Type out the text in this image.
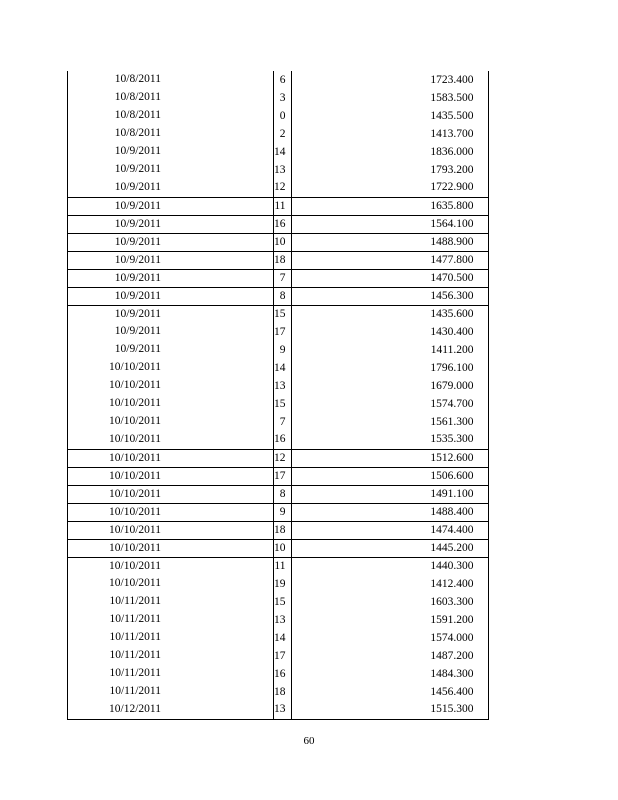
10/8/2011	6	1723.400

10/8/2011	3	1583.500

10/8/2011	0	1435.500

10/8/2011	2	1413.700

10/9/2011	14	1836.000

10/9/2011	13	1793.200

10/9/2011	12	1722.900

10/9/2011	11	1635.800

10/9/2011	16	1564.100

10/9/2011	10	1488.900

10/9/2011	18	1477.800

10/9/2011	7	1470.500

10/9/2011	8	1456.300

10/9/2011	15	1435.600

10/9/2011	17	1430.400

10/9/2011	9	1411.200

10/10/2011	14	1796.100

10/10/2011	13	1679.000

10/10/2011	15	1574.700

10/10/2011	7	1561.300

10/10/2011	16	1535.300

10/10/2011	12	1512.600

10/10/2011	17	1506.600

10/10/2011	8	1491.100

10/10/2011	9	1488.400

10/10/2011	18	1474.400

10/10/2011	10	1445.200

10/10/2011	11	1440.300

10/10/2011	19	1412.400

10/11/2011	15	1603.300

10/11/2011	13	1591.200

10/11/2011	14	1574.000

10/11/2011	17	1487.200

10/11/2011	16	1484.300

10/11/2011	18	1456.400

10/12/2011	13	1515.300
60
